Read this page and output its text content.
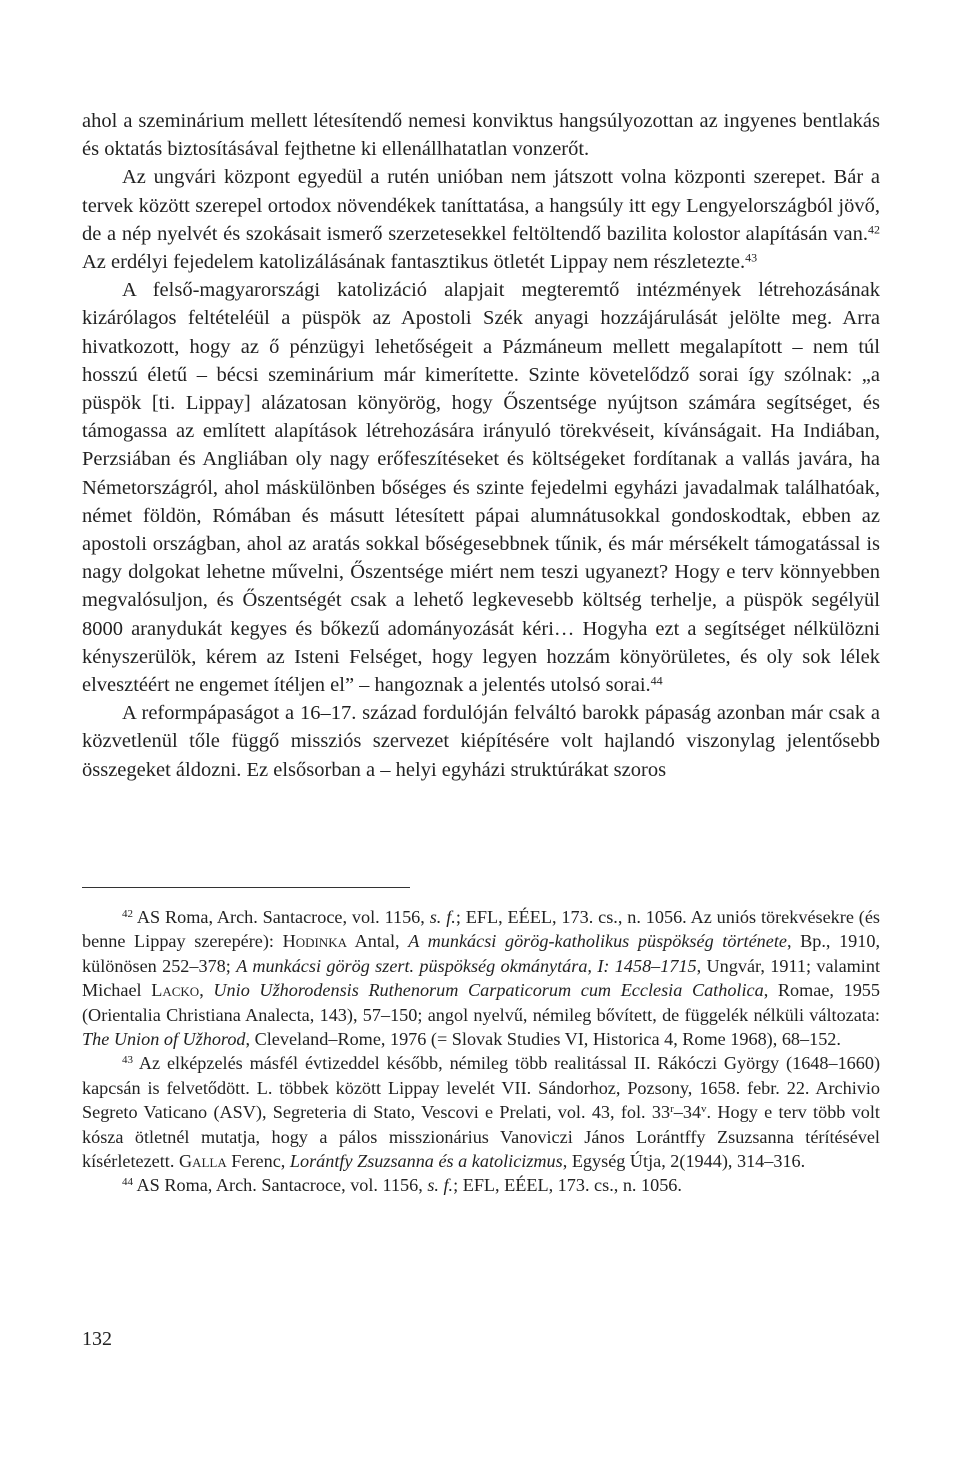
ahol a szeminárium mellett létesítendő nemesi konviktus hangsúlyozottan az ingyenes bentlakás és oktatás biztosításával fejthetne ki ellenállhatatlan vonzerőt.

Az ungvári központ egyedül a rutén unióban nem játszott volna központi szerepet. Bár a tervek között szerepel ortodox növendékek taníttatása, a hangsúly itt egy Lengyelországból jövő, de a nép nyelvét és szokásait ismerő szerzetesekkel feltöltendő bazilita kolostor alapításán van.$^{42}$ Az erdélyi fejedelem katolizálásának fantasztikus ötletét Lippay nem részletezte.$^{43}$

A felső-magyarországi katolizáció alapjait megteremtő intézmények létrehozásának kizárólagos feltételéül a püspök az Apostoli Szék anyagi hozzájárulását jelölte meg. Arra hivatkozott, hogy az ő pénzügyi lehetőségeit a Pázmáneum mellett megalapított – nem túl hosszú életű – bécsi szeminárium már kimerítette. Szinte követelődző sorai így szólnak: „a püspök [ti. Lippay] alázatosan könyörög, hogy Őszentsége nyújtson számára segítséget, és támogassa az említett alapítások létrehozására irányuló törekvéseit, kívánságait. Ha Indiában, Perzsiában és Angliában oly nagy erőfeszítéseket és költségeket fordítanak a vallás javára, ha Németországról, ahol máskülönben bőséges és szinte fejedelmi egyházi javadalmak találhatóak, német földön, Rómában és másutt létesített pápai alumnátusokkal gondoskodtak, ebben az apostoli országban, ahol az aratás sokkal bőségesebbnek tűnik, és már mérsékelt támogatással is nagy dolgokat lehetne művelni, Őszentsége miért nem teszi ugyanezt? Hogy e terv könnyebben megvalósuljon, és Őszentségét csak a lehető legkevesebb költség terhelje, a püspök segélyül 8000 aranydukát kegyes és bőkezű adományozását kéri… Hogyha ezt a segítséget nélkülözni kényszerülök, kérem az Isteni Felséget, hogy legyen hozzám könyörületes, és oly sok lélek elvesztéért ne engemet ítéljen el” – hangoznak a jelentés utolsó sorai.$^{44}$

A reformpápaságot a 16–17. század fordulóján felváltó barokk pápaság azonban már csak a közvetlenül tőle függő missziós szervezet kiépítésére volt hajlandó viszonylag jelentősebb összegeket áldozni. Ez elsősorban a – helyi egyházi struktúrákat szoros

$^{42}$ AS Roma, Arch. Santacroce, vol. 1156, s. f.; EFL, EÉEL, 173. cs., n. 1056. Az uniós törekvésekre (és benne Lippay szerepére): Hodinka Antal, A munkácsi görög-katholikus püspökség története, Bp., 1910, különösen 252–378; A munkácsi görög szert. püspökség okmánytára, I: 1458–1715, Ungvár, 1911; valamint Michael Lacko, Unio Užhorodensis Ruthenorum Carpaticorum cum Ecclesia Catholica, Romae, 1955 (Orientalia Christiana Analecta, 143), 57–150; angol nyelvű, némileg bővített, de függelék nélküli változata: The Union of Užhorod, Cleveland–Rome, 1976 (= Slovak Studies VI, Historica 4, Rome 1968), 68–152.

$^{43}$ Az elképzelés másfél évtizeddel később, némileg több realitással II. Rákóczi György (1648–1660) kapcsán is felvetődött. L. többek között Lippay levelét VII. Sándorhoz, Pozsony, 1658. febr. 22. Archivio Segreto Vaticano (ASV), Segreteria di Stato, Vescovi e Prelati, vol. 43, fol. 33$^r$–34$^v$. Hogy e terv több volt kósza ötletnél mutatja, hogy a pálos misszionárius Vanoviczi János Lorántffy Zsuzsanna térítésével kísérletezett. Galla Ferenc, Lorántfy Zsuzsanna és a katolicizmus, Egység Útja, 2(1944), 314–316.

$^{44}$ AS Roma, Arch. Santacroce, vol. 1156, s. f.; EFL, EÉEL, 173. cs., n. 1056.

132
